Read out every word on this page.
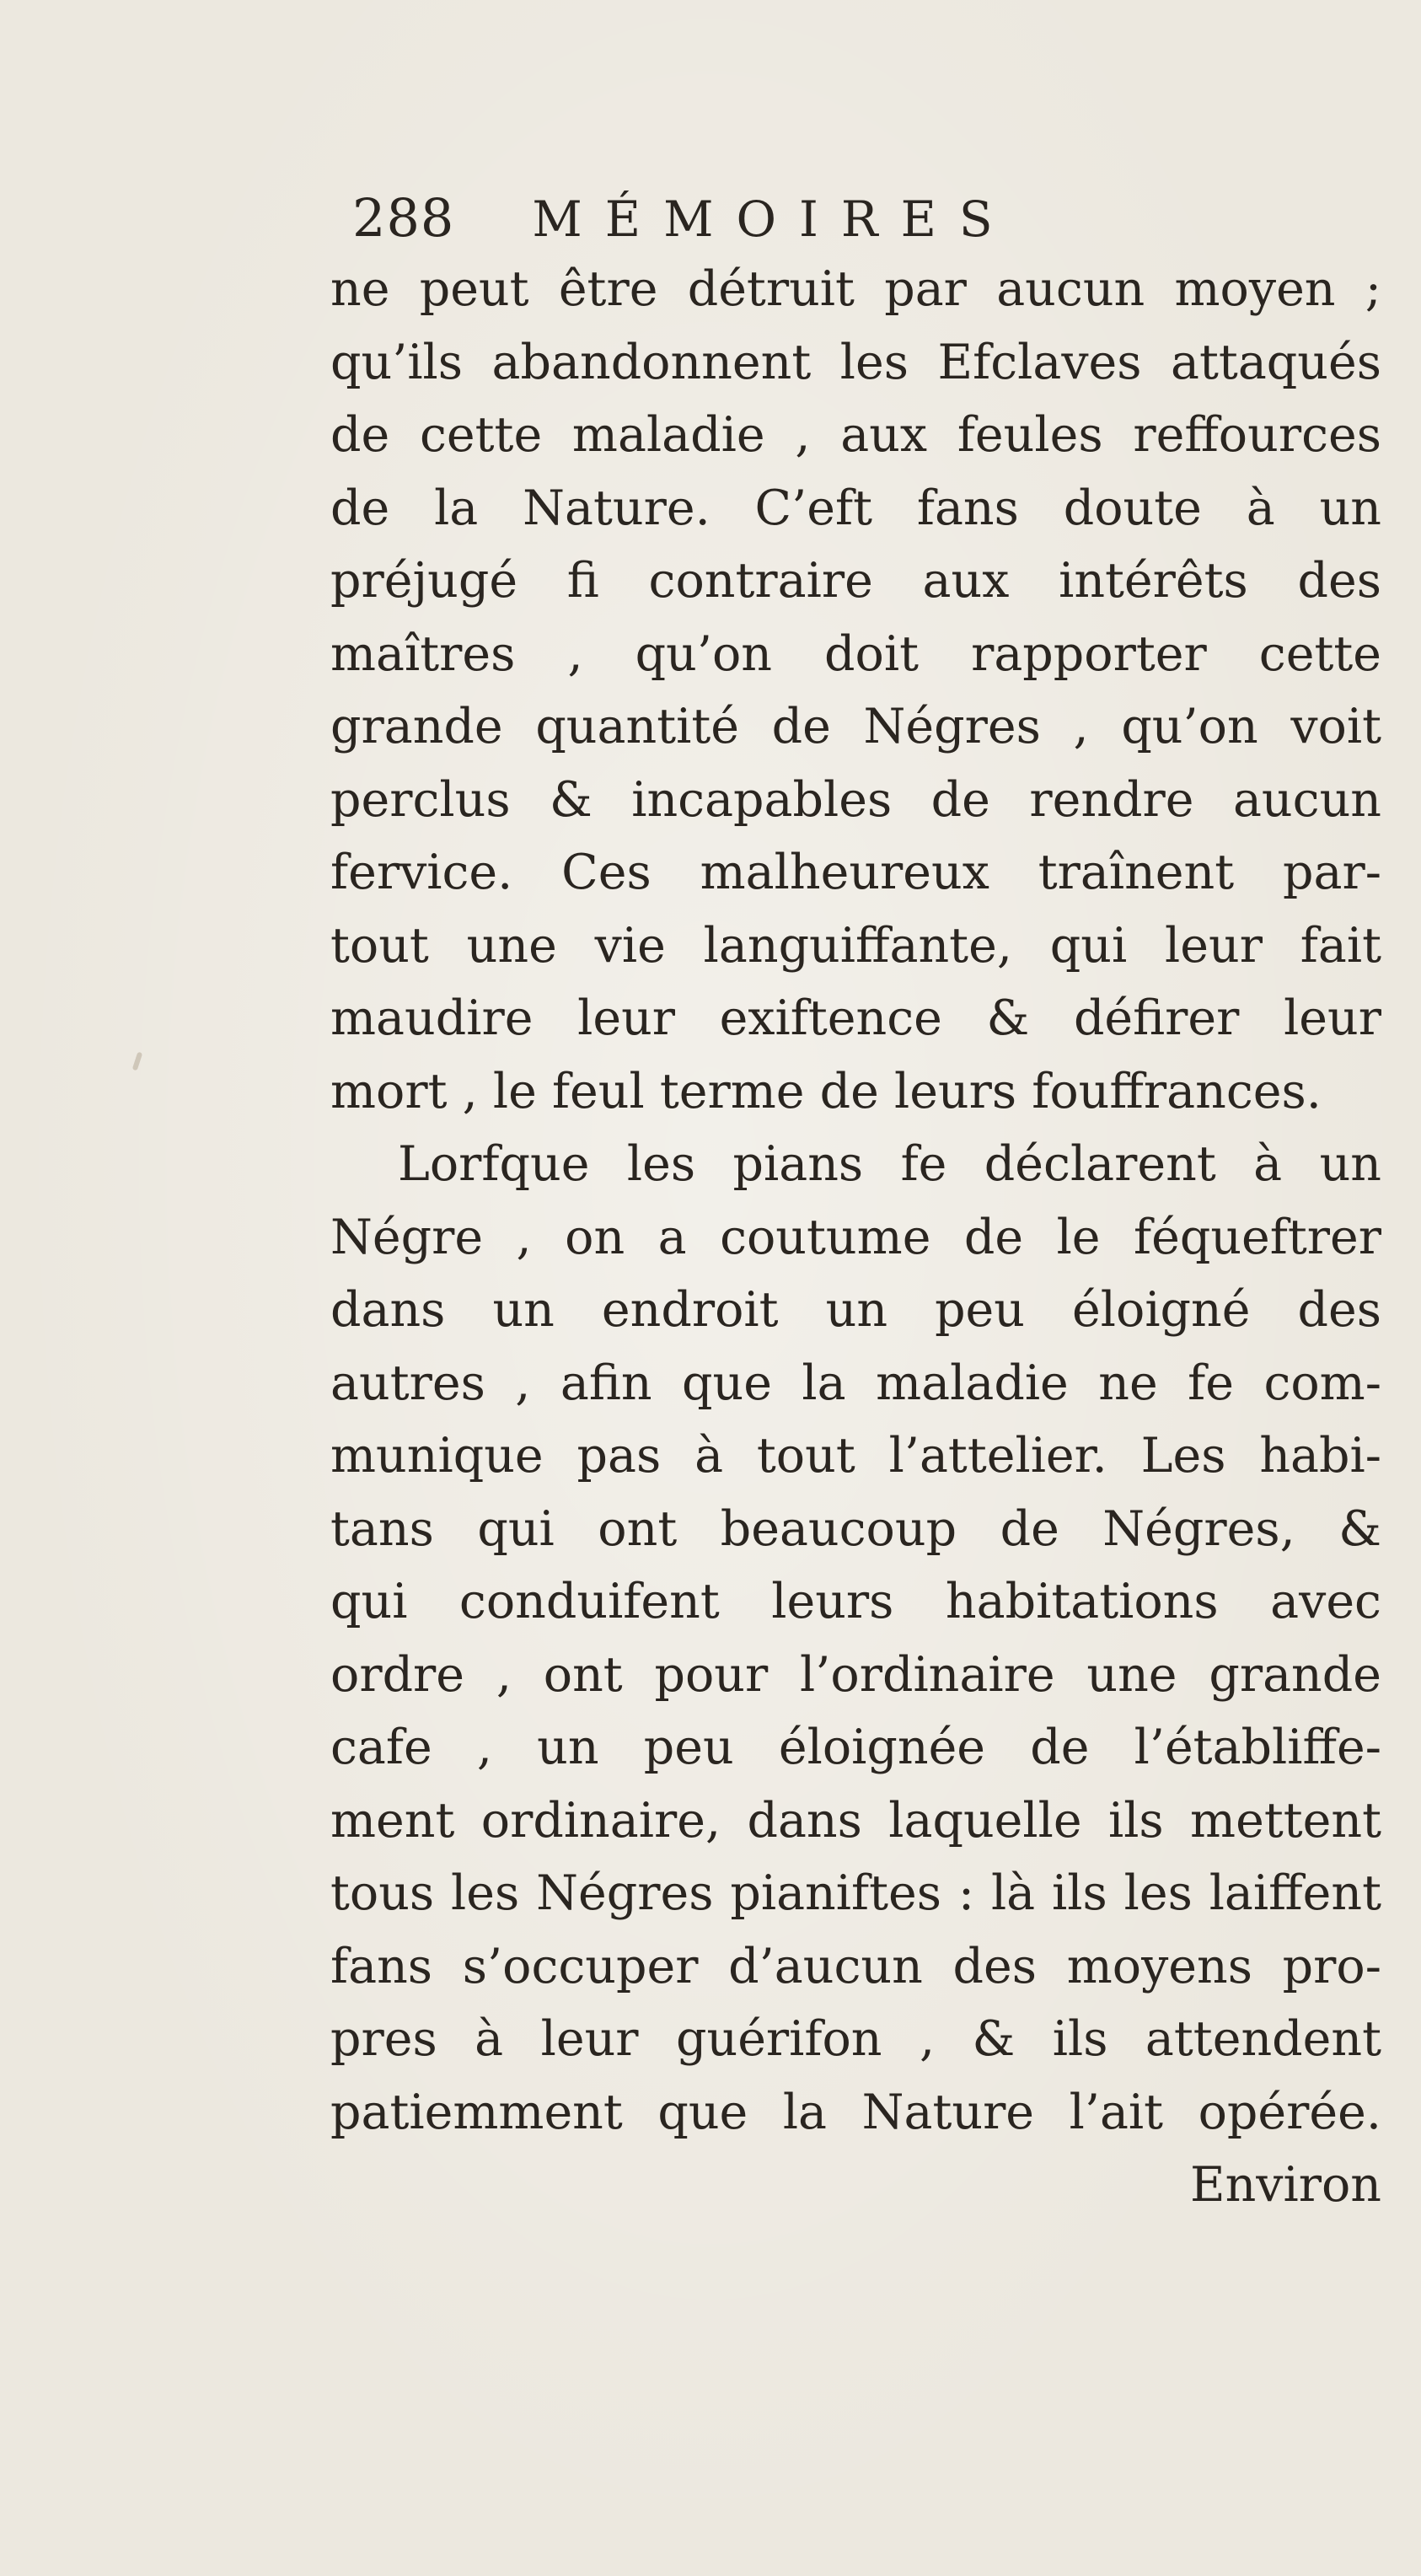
288 MÉMOIRES
ne peut être détruit par aucun moyen ;
qu’ils abandonnent les Efclaves attaqués
de cette maladie , aux feules reffources
de la Nature. C’eft fans doute à un
préjugé fi contraire aux intérêts des
maîtres , qu’on doit rapporter cette
grande quantité de Négres , qu’on voit
perclus & incapables de rendre aucun
fervice. Ces malheureux traînent par-
tout une vie languiffante, qui leur fait
maudire leur exiftence & défirer leur
mort , le feul terme de leurs fouffrances.
Lorfque les pians fe déclarent à un
Négre , on a coutume de le féqueftrer
dans un endroit un peu éloigné des
autres , afin que la maladie ne fe com-
munique pas à tout l’attelier. Les habi-
tans qui ont beaucoup de Négres, &
qui conduifent leurs habitations avec
ordre , ont pour l’ordinaire une grande
cafe , un peu éloignée de l’établiffe-
ment ordinaire, dans laquelle ils mettent
tous les Négres pianiftes : là ils les laiffent
fans s’occuper d’aucun des moyens pro-
pres à leur guérifon , & ils attendent
patiemment que la Nature l’ait opérée.
Environ
